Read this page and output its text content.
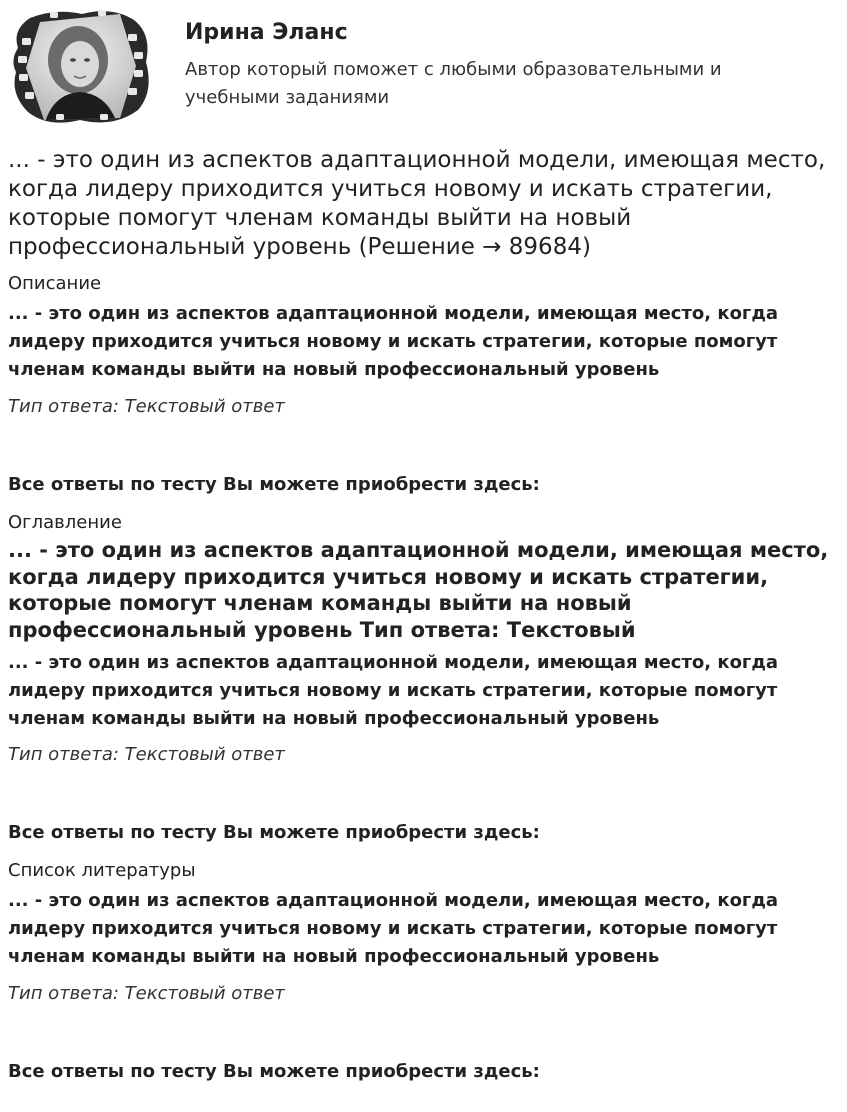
Ирина Эланс
Автор который поможет с любыми образовательными и учебными заданиями
... - это один из аспектов адаптационной модели, имеющая место, когда лидеру приходится учиться новому и искать стратегии, которые помогут членам команды выйти на новый профессиональный уровень (Решение → 89684)
Описание
... - это один из аспектов адаптационной модели, имеющая место, когда лидеру приходится учиться новому и искать стратегии, которые помогут членам команды выйти на новый профессиональный уровень
Тип ответа: Текстовый ответ
Все ответы по тесту Вы можете приобрести здесь:
Оглавление
... - это один из аспектов адаптационной модели, имеющая место, когда лидеру приходится учиться новому и искать стратегии, которые помогут членам команды выйти на новый профессиональный уровень Тип ответа: Текстовый
... - это один из аспектов адаптационной модели, имеющая место, когда лидеру приходится учиться новому и искать стратегии, которые помогут членам команды выйти на новый профессиональный уровень
Тип ответа: Текстовый ответ
Все ответы по тесту Вы можете приобрести здесь:
Список литературы
... - это один из аспектов адаптационной модели, имеющая место, когда лидеру приходится учиться новому и искать стратегии, которые помогут членам команды выйти на новый профессиональный уровень
Тип ответа: Текстовый ответ
Все ответы по тесту Вы можете приобрести здесь:
